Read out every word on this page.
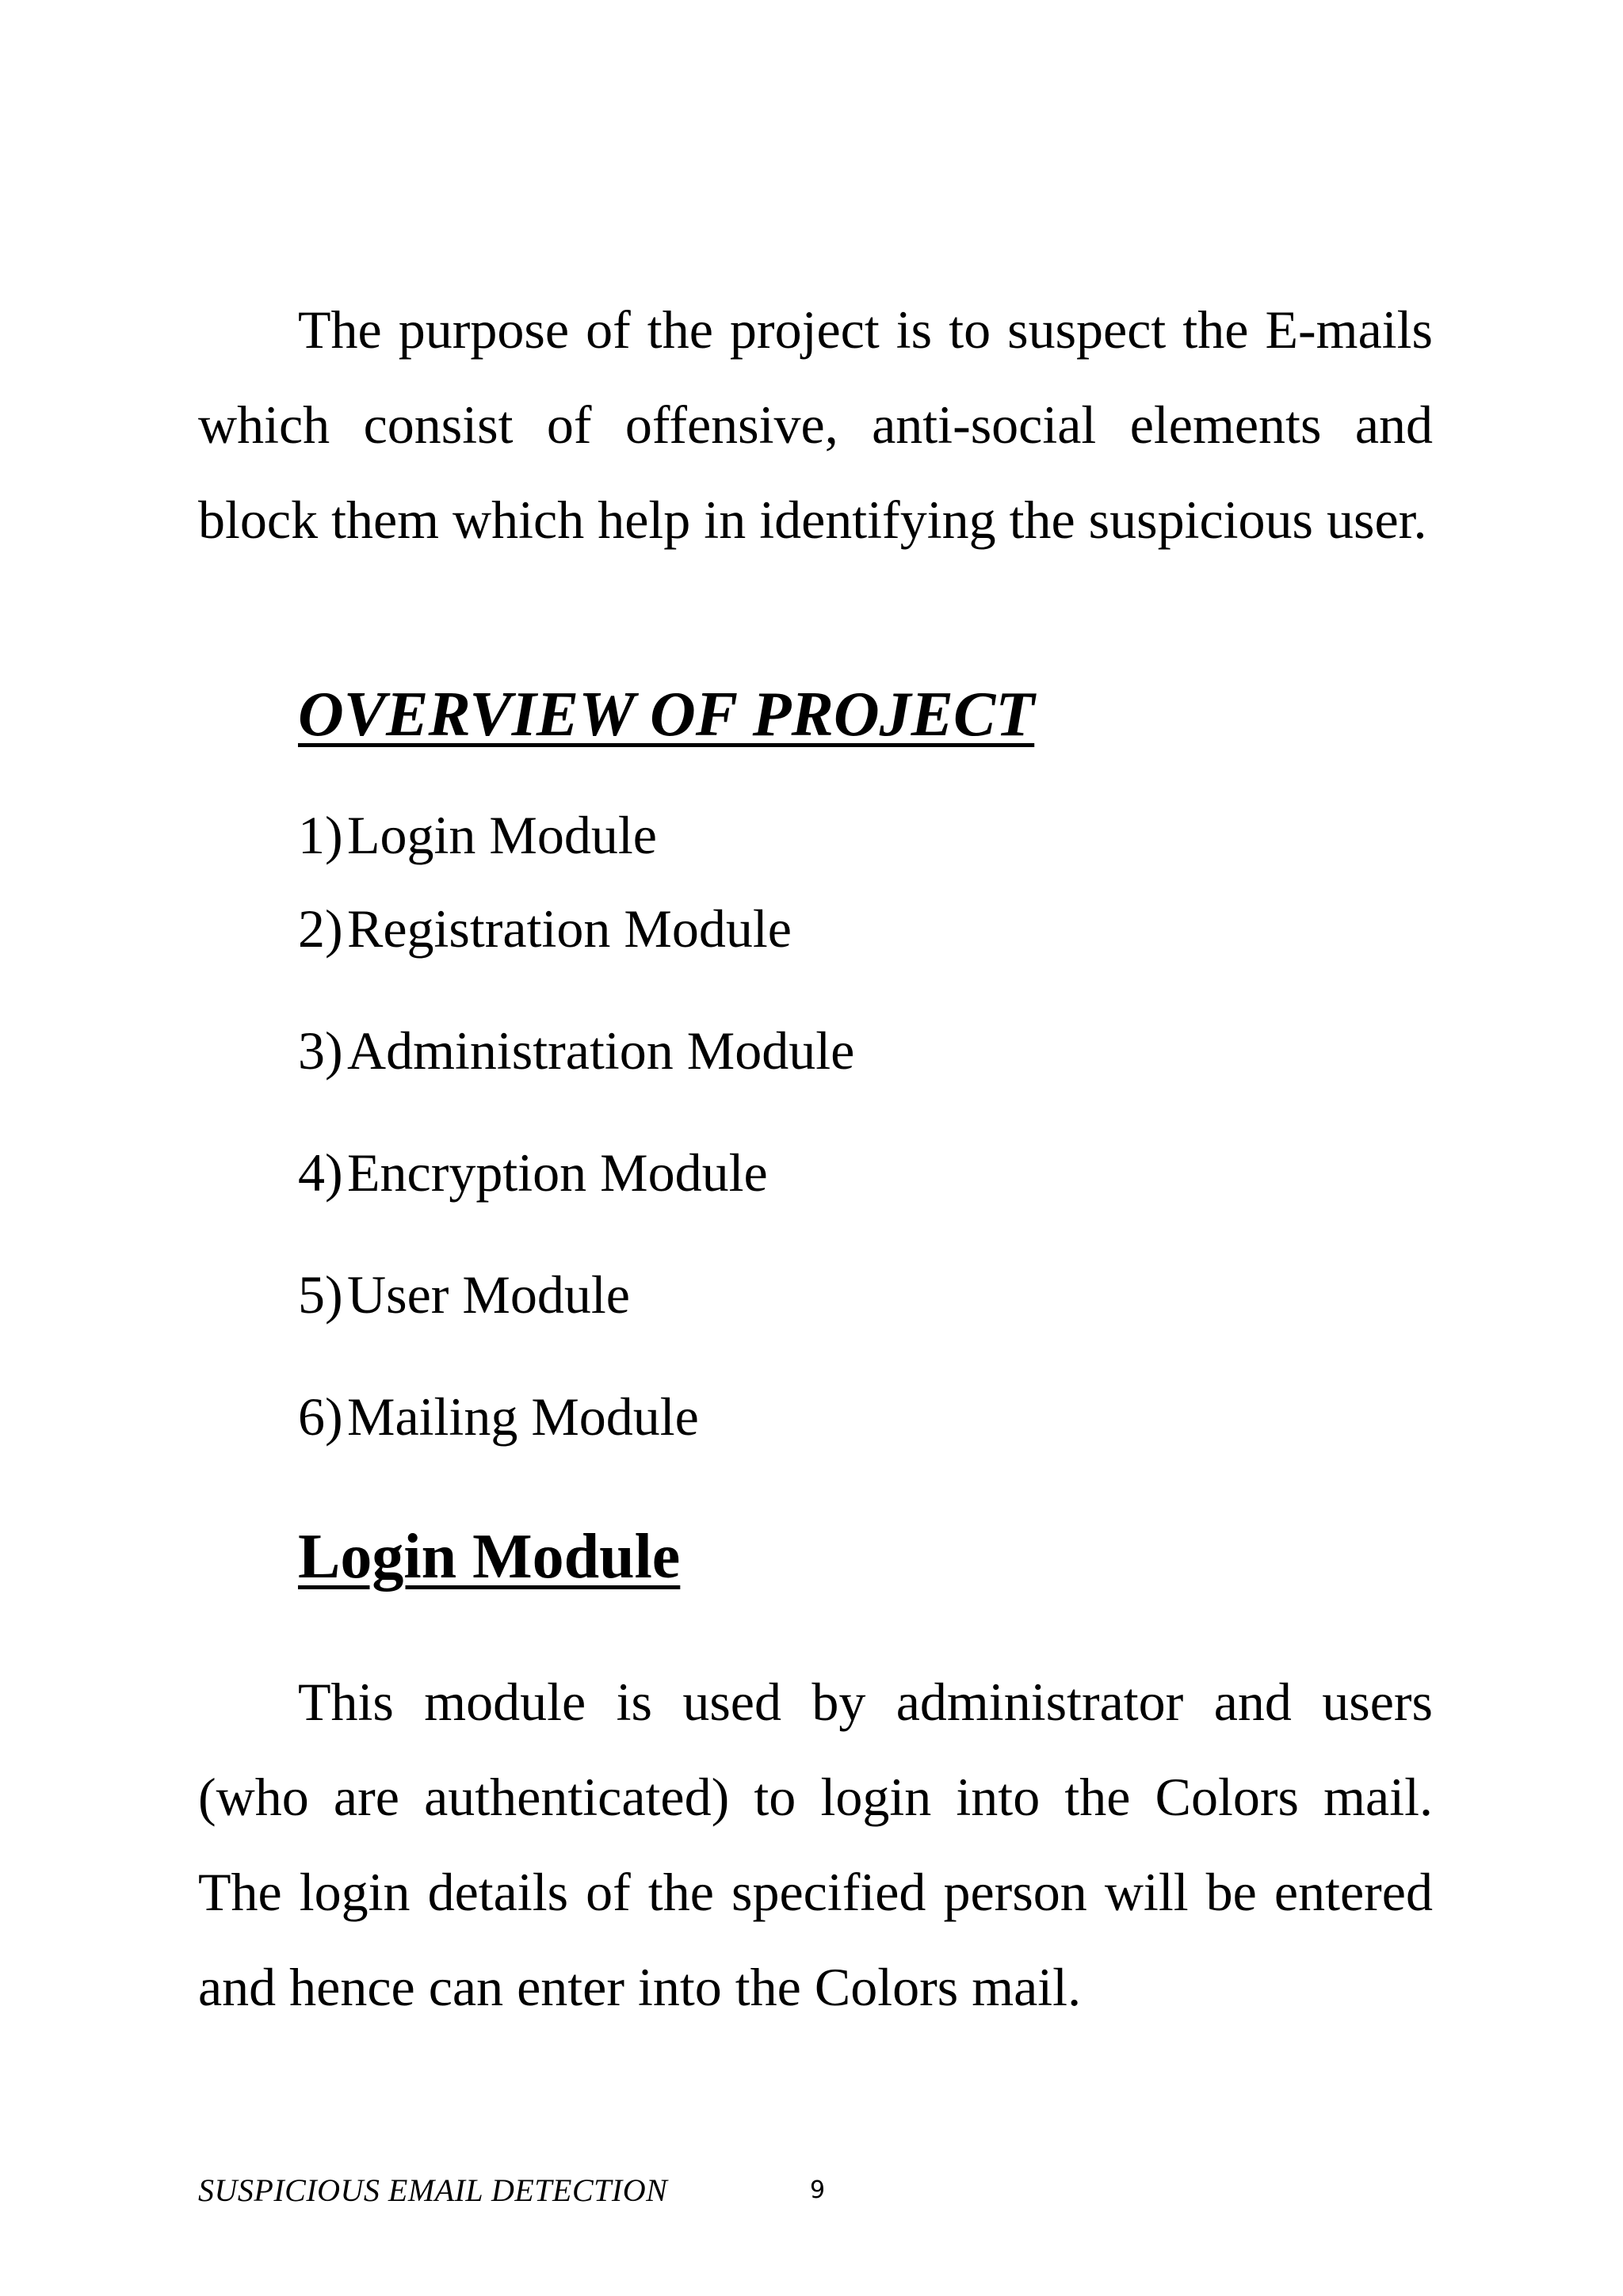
The purpose of the project is to suspect the E-mails which consist of offensive, anti-social elements and block them which help in identifying the suspicious user.

OVERVIEW OF PROJECT
1)Login Module
2)Registration Module
3)Administration Module
4)Encryption Module
5)User Module
6)Mailing Module
Login Module

This module is used by administrator and users (who are authenticated) to login into the Colors mail. The login details of the specified person will be entered and hence can enter into the Colors mail.

SUSPICIOUS EMAIL DETECTION	9
